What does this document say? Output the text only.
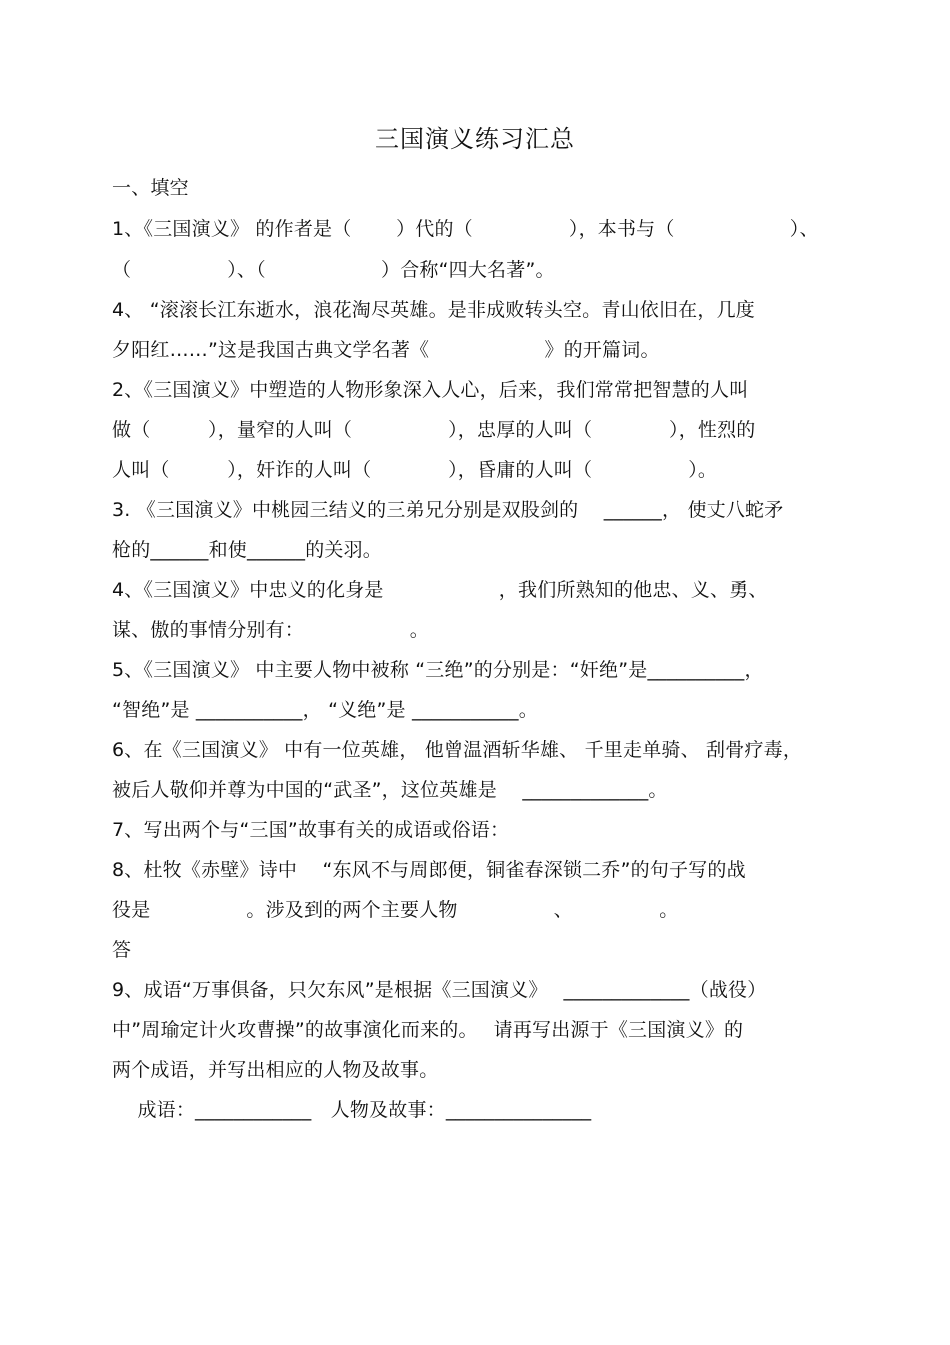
三国演义练习汇总
一、填空
1、《三国演义》 的作者是（　　 ）代的（　　　　　），本书与（　　　　　　）、
（　　　　　）、（　　　　　　）合称“四大名著”。
4、 “滚滚长江东逝水，浪花淘尽英雄。是非成败转头空。青山依旧在，几度
夕阳红……”这是我国古典文学名著《　　　　　　》的开篇词。
2、《三国演义》中塑造的人物形象深入人心，后来，我们常常把智慧的人叫
做（　　　），量窄的人叫（　　　　　），忠厚的人叫（　　　　），性烈的
人叫（　　　），奸诈的人叫（　　　　），昏庸的人叫（　　　　　）。
3. 《三国演义》中桃园三结义的三弟兄分别是双股剑的　 ______， 使丈八蛇矛
枪的______和使______的关羽。
4、《三国演义》中忠义的化身是　　　　　　，我们所熟知的他忠、义、勇、
谋、傲的事情分别有：　　　　　　。
5、《三国演义》 中主要人物中被称 “三绝”的分别是：“奸绝”是__________，
“智绝”是 ___________， “义绝”是 ___________。
6、在《三国演义》 中有一位英雄， 他曾温酒斩华雄、 千里走单骑、 刮骨疗毒，
被后人敬仰并尊为中国的“武圣”，这位英雄是　 _____________。
7、写出两个与“三国”故事有关的成语或俗语：
8、杜牧《赤壁》诗中　 “东风不与周郎便，铜雀春深锁二乔”的句子写的战
役是　　　　　。涉及到的两个主要人物　　　　　、　　　　　。
答
9、成语“万事俱备，只欠东风”是根据《三国演义》　 _____________（战役）
中”周瑜定计火攻曹操”的故事演化而来的。　 请再写出源于《三国演义》的
两个成语，并写出相应的人物及故事。
　 成语：____________　人物及故事：_______________
